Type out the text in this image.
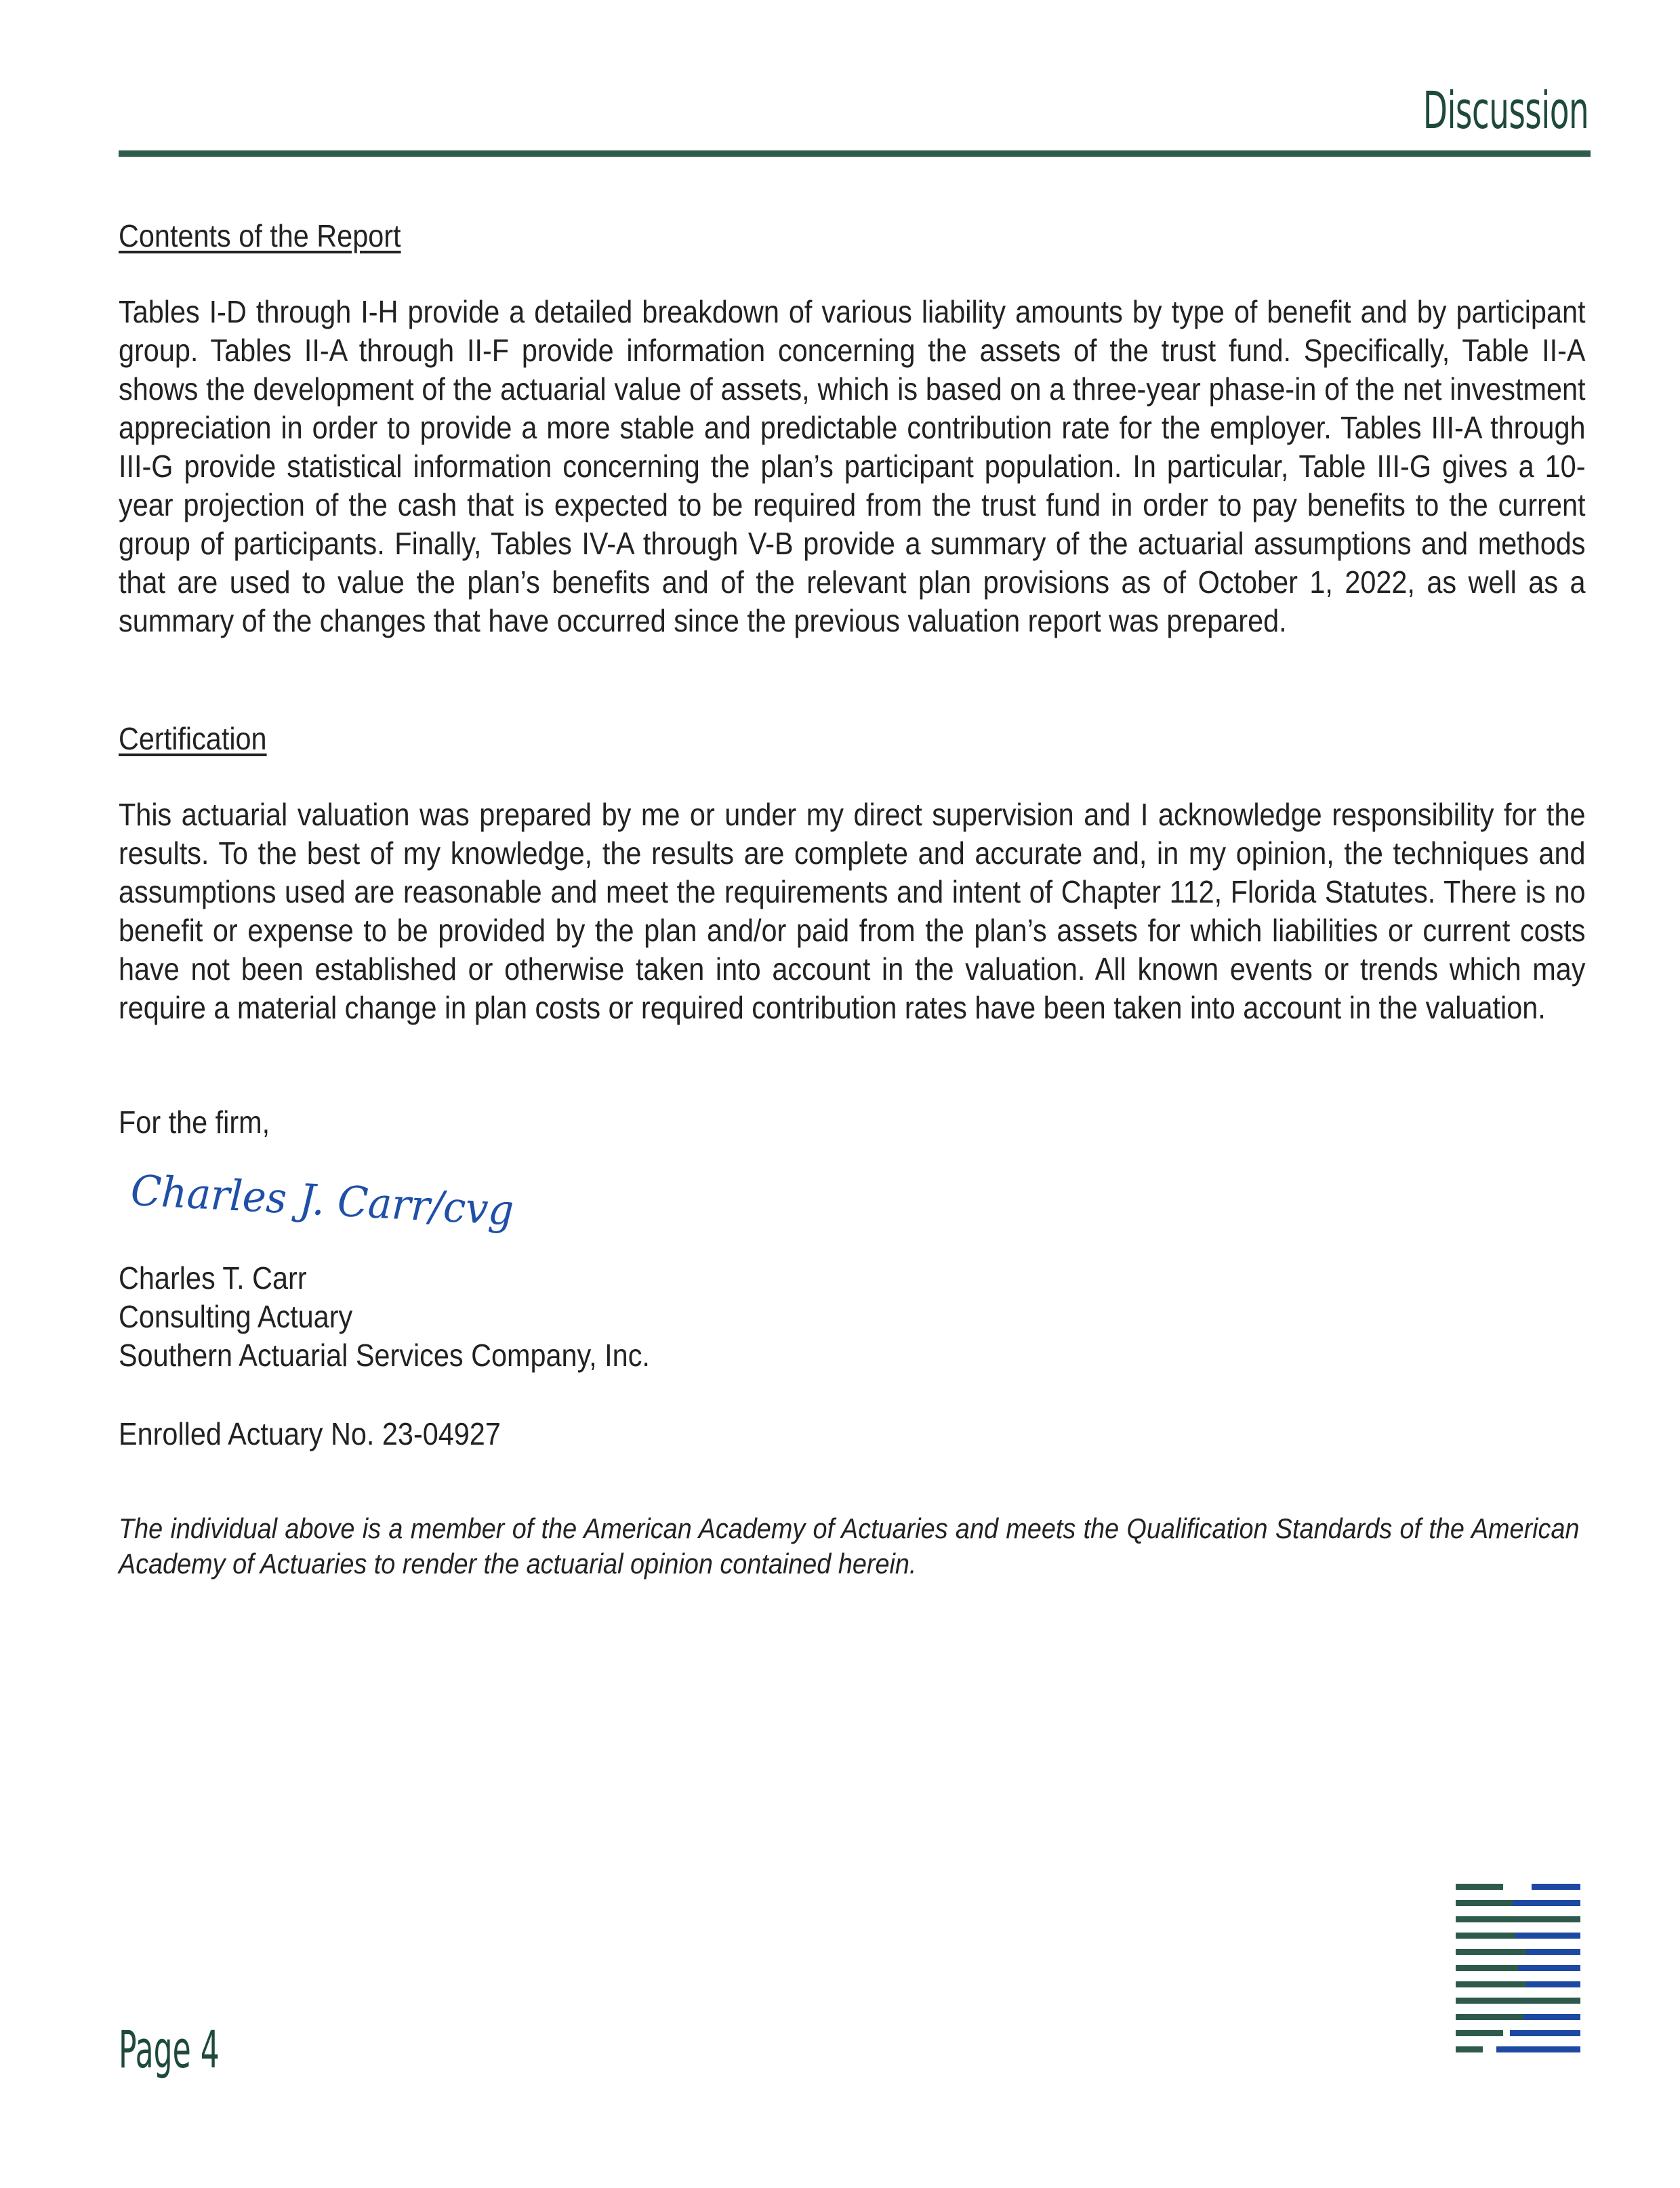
Discussion
Contents of the Report

Tables I-D through I-H provide a detailed breakdown of various liability amounts by type of benefit and by participant group. Tables II-A through II-F provide information concerning the assets of the trust fund. Specifically, Table II-A shows the development of the actuarial value of assets, which is based on a three-year phase-in of the net investment appreciation in order to provide a more stable and predictable contribution rate for the employer. Tables III-A through III-G provide statistical information concerning the plan’s participant population. In particular, Table III-G gives a 10-year projection of the cash that is expected to be required from the trust fund in order to pay benefits to the current group of participants. Finally, Tables IV-A through V-B provide a summary of the actuarial assumptions and methods that are used to value the plan’s benefits and of the relevant plan provisions as of October 1, 2022, as well as a summary of the changes that have occurred since the previous valuation report was prepared.

Certification

This actuarial valuation was prepared by me or under my direct supervision and I acknowledge responsibility for the results. To the best of my knowledge, the results are complete and accurate and, in my opinion, the techniques and assumptions used are reasonable and meet the requirements and intent of Chapter 112, Florida Statutes. There is no benefit or expense to be provided by the plan and/or paid from the plan’s assets for which liabilities or current costs have not been established or otherwise taken into account in the valuation. All known events or trends which may require a material change in plan costs or required contribution rates have been taken into account in the valuation.

For the firm,

Charles T. Carr

Consulting Actuary

Southern Actuarial Services Company, Inc.

Enrolled Actuary No. 23-04927

The individual above is a member of the American Academy of Actuaries and meets the Qualification Standards of the American Academy of Actuaries to render the actuarial opinion contained herein.

Charles J. Carr/cvg
Page 4
